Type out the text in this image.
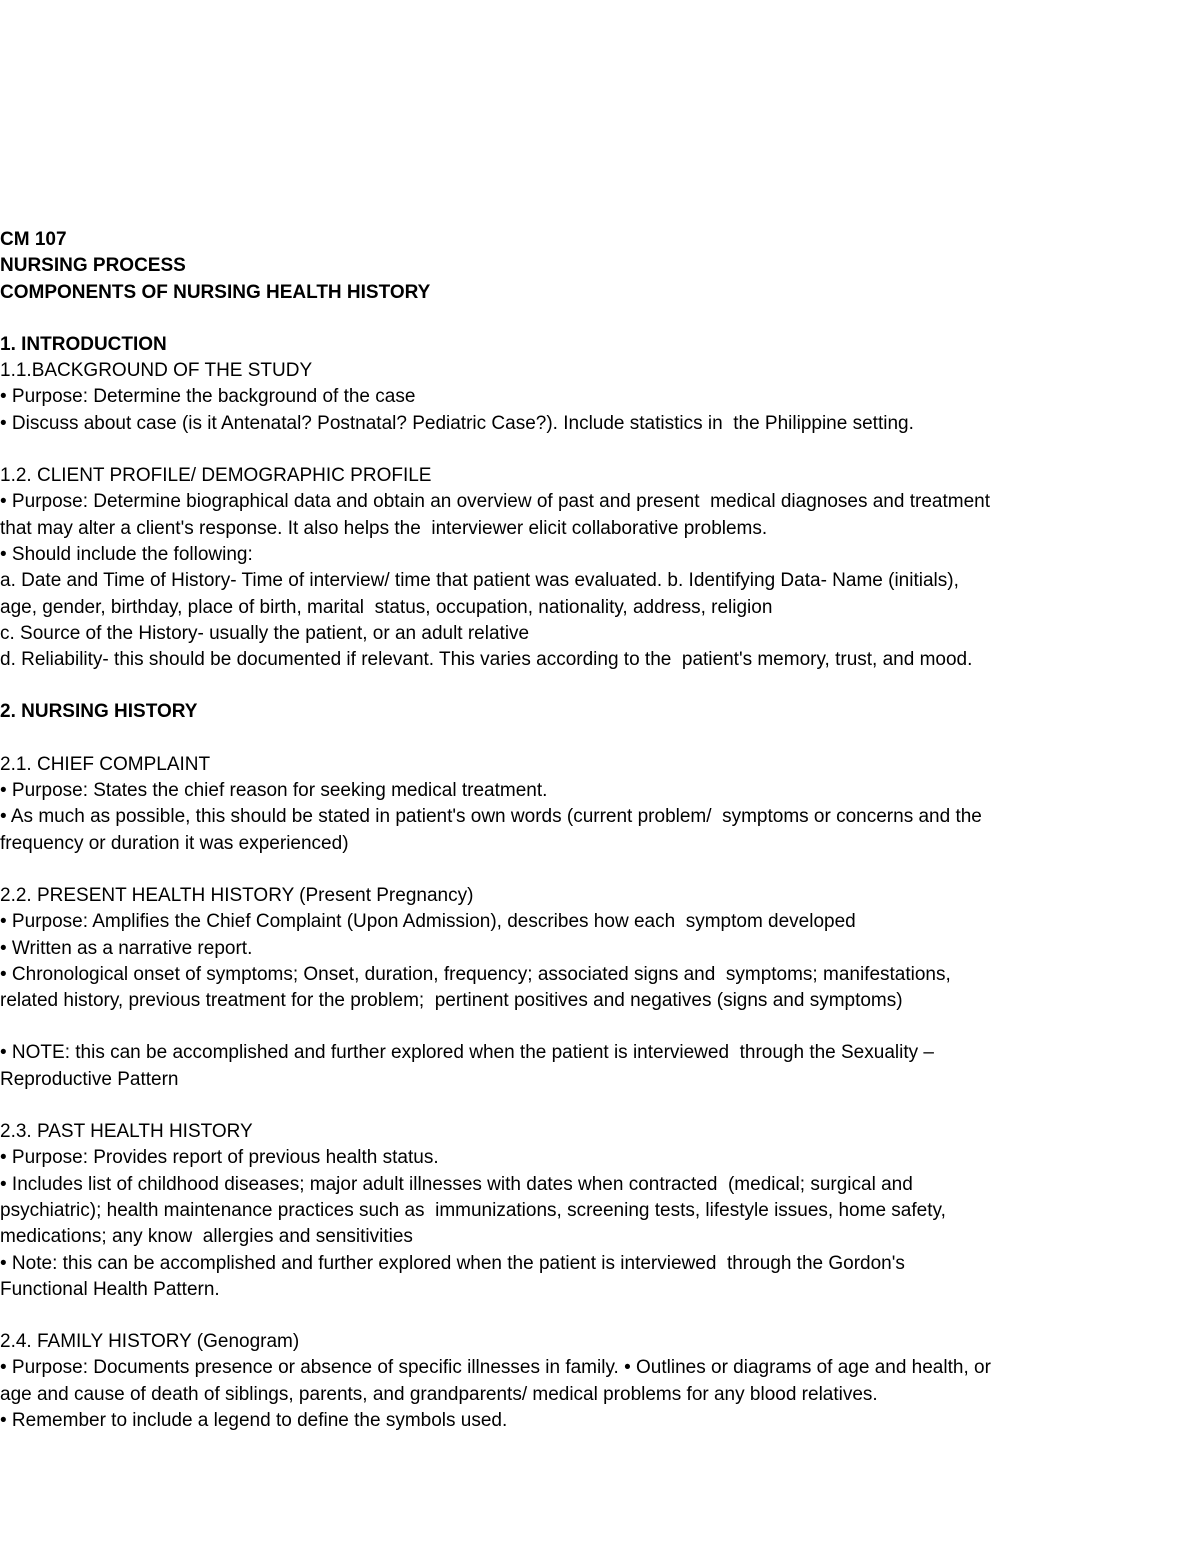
CM 107
NURSING PROCESS
COMPONENTS OF NURSING HEALTH HISTORY
1. INTRODUCTION
1.1.BACKGROUND OF THE STUDY
• Purpose: Determine the background of the case
• Discuss about case (is it Antenatal? Postnatal? Pediatric Case?). Include statistics in  the Philippine setting.
1.2. CLIENT PROFILE/ DEMOGRAPHIC PROFILE
• Purpose: Determine biographical data and obtain an overview of past and present  medical diagnoses and treatment
that may alter a client's response. It also helps the  interviewer elicit collaborative problems.
• Should include the following:
a. Date and Time of History- Time of interview/ time that patient was evaluated. b. Identifying Data- Name (initials),
age, gender, birthday, place of birth, marital  status, occupation, nationality, address, religion
c. Source of the History- usually the patient, or an adult relative
d. Reliability- this should be documented if relevant. This varies according to the  patient's memory, trust, and mood.
2. NURSING HISTORY
2.1. CHIEF COMPLAINT
• Purpose: States the chief reason for seeking medical treatment.
• As much as possible, this should be stated in patient's own words (current problem/  symptoms or concerns and the
frequency or duration it was experienced)
2.2. PRESENT HEALTH HISTORY (Present Pregnancy)
• Purpose: Amplifies the Chief Complaint (Upon Admission), describes how each  symptom developed
• Written as a narrative report.
• Chronological onset of symptoms; Onset, duration, frequency; associated signs and  symptoms; manifestations,
related history, previous treatment for the problem;  pertinent positives and negatives (signs and symptoms)
• NOTE: this can be accomplished and further explored when the patient is interviewed  through the Sexuality –
Reproductive Pattern
2.3. PAST HEALTH HISTORY
• Purpose: Provides report of previous health status.
• Includes list of childhood diseases; major adult illnesses with dates when contracted  (medical; surgical and
psychiatric); health maintenance practices such as  immunizations, screening tests, lifestyle issues, home safety,
medications; any know  allergies and sensitivities
• Note: this can be accomplished and further explored when the patient is interviewed  through the Gordon's
Functional Health Pattern.
2.4. FAMILY HISTORY (Genogram)
• Purpose: Documents presence or absence of specific illnesses in family. • Outlines or diagrams of age and health, or
age and cause of death of siblings, parents, and grandparents/ medical problems for any blood relatives.
• Remember to include a legend to define the symbols used.
